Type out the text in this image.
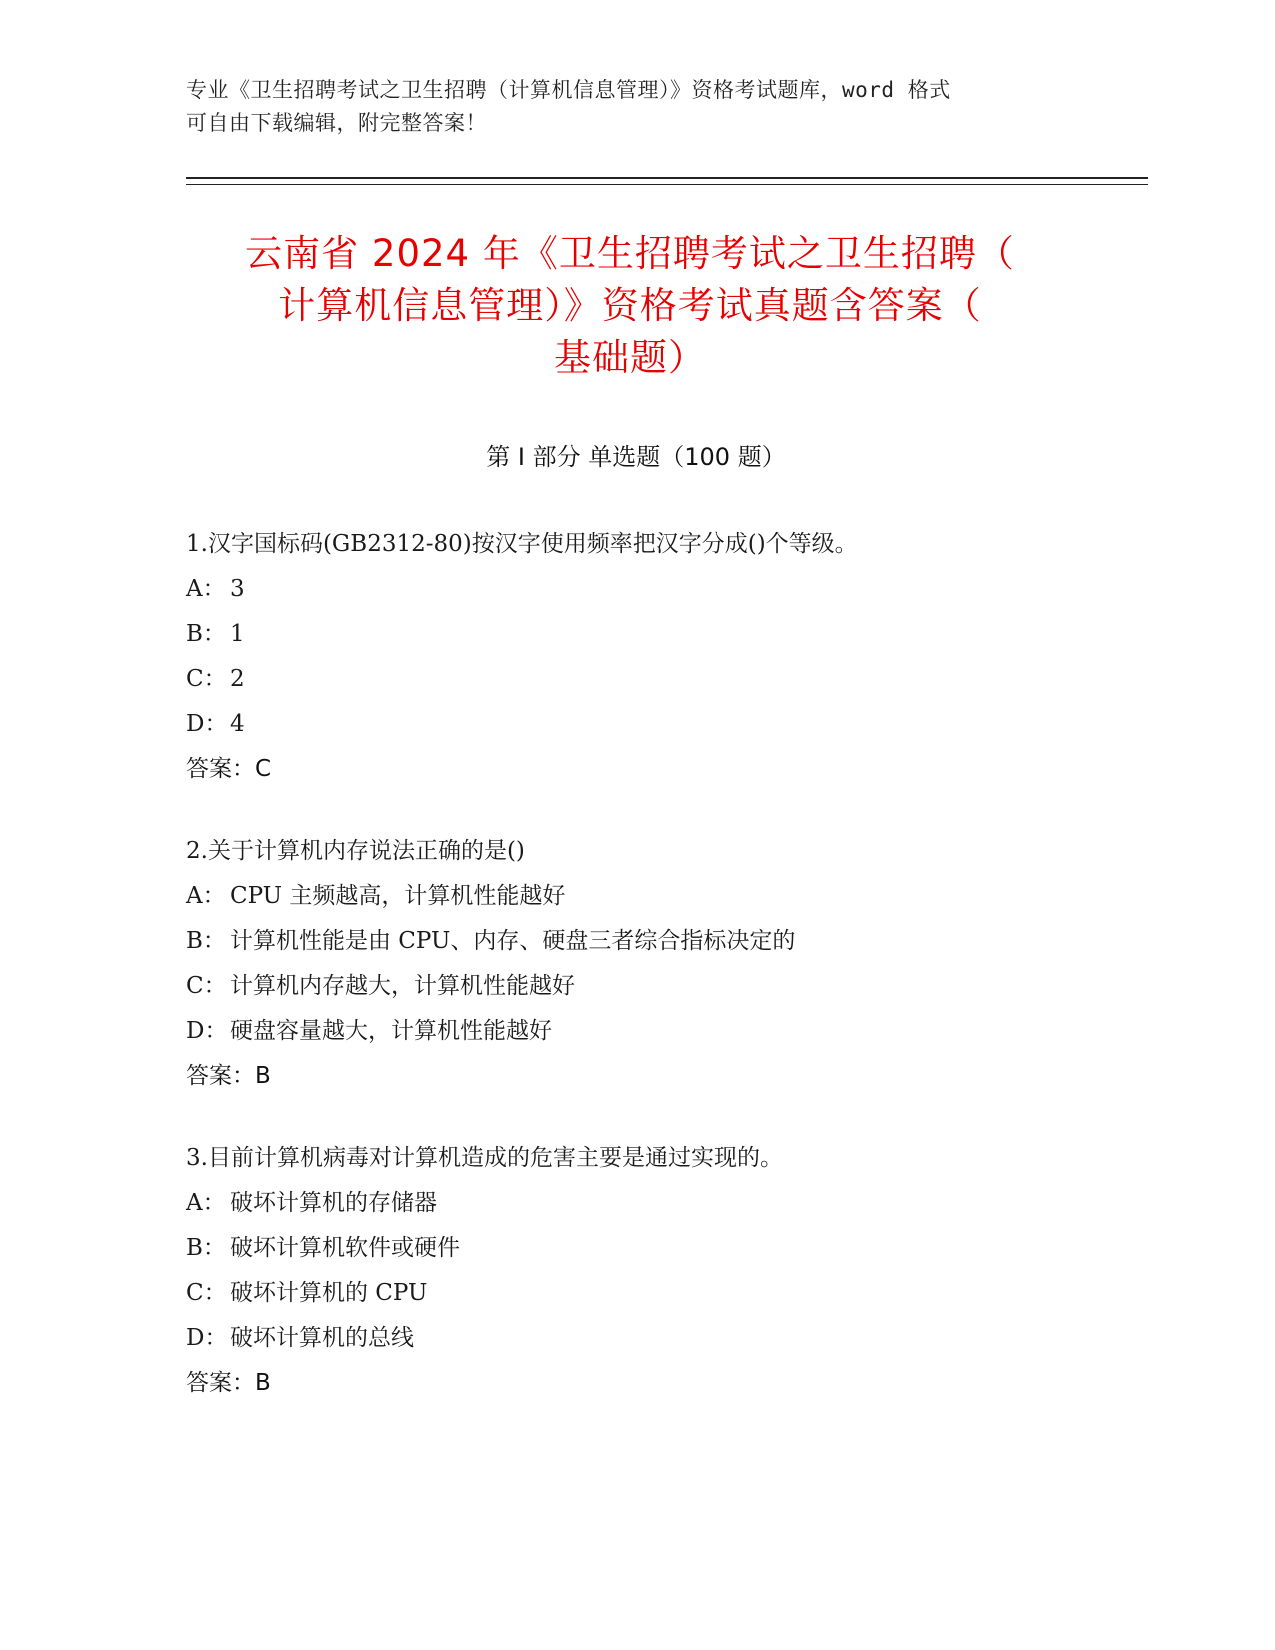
专业《卫生招聘考试之卫生招聘（计算机信息管理）》资格考试题库，word 格式
可自由下载编辑，附完整答案！
云南省 2024 年《卫生招聘考试之卫生招聘（
计算机信息管理）》资格考试真题含答案（
基础题）
第 I 部分 单选题（100 题）
1.汉字国标码(GB2312-80)按汉字使用频率把汉字分成()个等级。
A： 3
B： 1
C： 2
D： 4
答案：C
2.关于计算机内存说法正确的是()
A： CPU 主频越高，计算机性能越好
B： 计算机性能是由 CPU、内存、硬盘三者综合指标决定的
C： 计算机内存越大，计算机性能越好
D： 硬盘容量越大，计算机性能越好
答案：B
3.目前计算机病毒对计算机造成的危害主要是通过实现的。
A： 破坏计算机的存储器
B： 破坏计算机软件或硬件
C： 破坏计算机的 CPU
D： 破坏计算机的总线
答案：B
